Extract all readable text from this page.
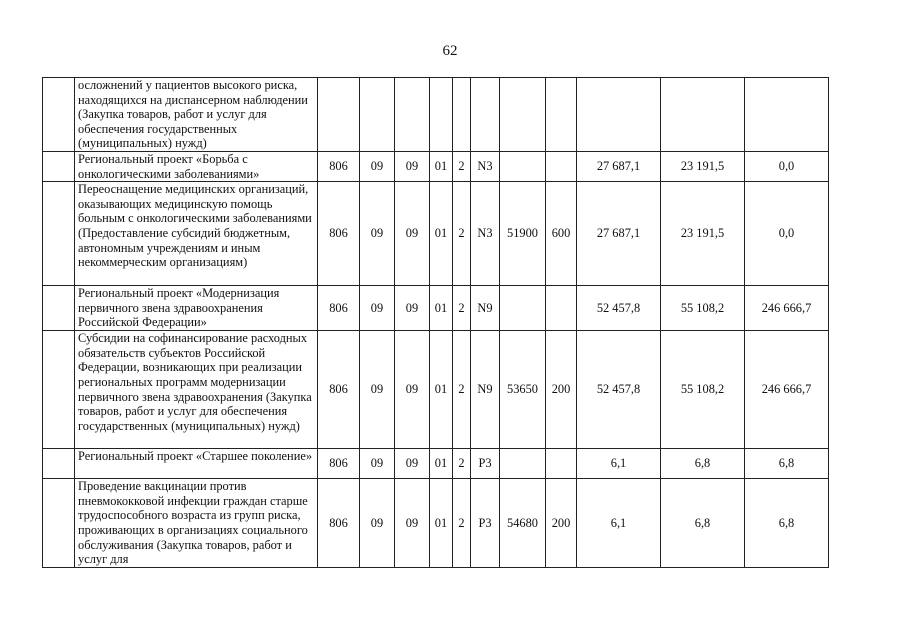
62
	осложнений у пациентов высокого риска, находящихся на диспансерном наблюдении (Закупка товаров, работ и услуг для обеспечения государственных (муниципальных) нужд)											
	Региональный проект «Борьба с онкологическими заболеваниями»	806	09	09	01	2	N3			27 687,1	23 191,5	0,0
	Переоснащение медицинских организаций, оказывающих медицинскую помощь больным с онкологическими заболеваниями (Предоставление субсидий бюджетным, автономным учреждениям и иным некоммерческим организациям)	806	09	09	01	2	N3	51900	600	27 687,1	23 191,5	0,0
	Региональный проект «Модернизация первичного звена здравоохранения Российской Федерации»	806	09	09	01	2	N9			52 457,8	55 108,2	246 666,7
	Субсидии на софинансирование расходных обязательств субъектов Российской Федерации, возникающих при реализации региональных программ модернизации первичного звена здравоохранения (Закупка товаров, работ и услуг для обеспечения государственных (муниципальных) нужд)	806	09	09	01	2	N9	53650	200	52 457,8	55 108,2	246 666,7
	Региональный проект «Старшее поколение»	806	09	09	01	2	P3			6,1	6,8	6,8
	Проведение вакцинации против пневмококковой инфекции граждан старше трудоспособного возраста из групп риска, проживающих в организациях социального обслуживания (Закупка товаров, работ и услуг для	806	09	09	01	2	P3	54680	200	6,1	6,8	6,8
